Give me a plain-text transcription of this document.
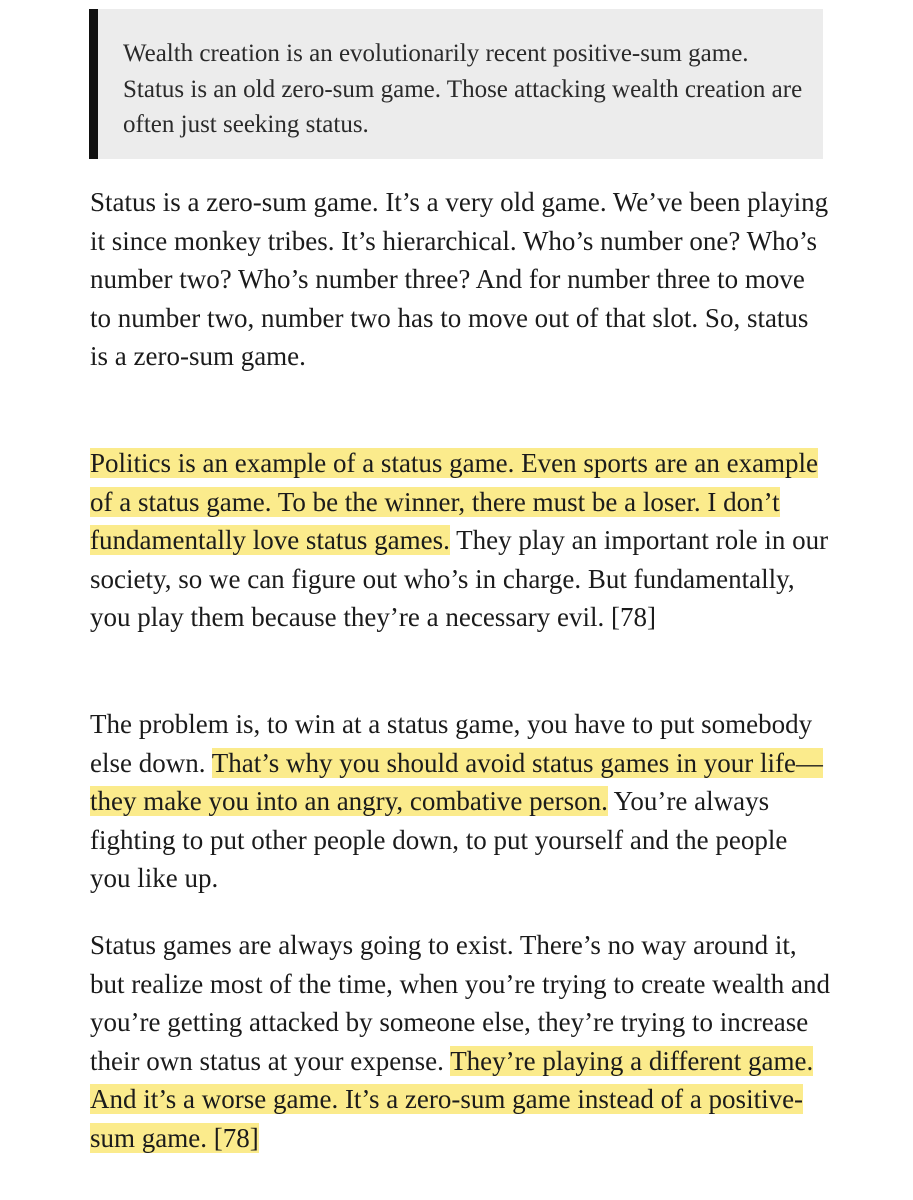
Wealth creation is an evolutionarily recent positive-sum game. Status is an old zero-sum game. Those attacking wealth creation are often just seeking status.

Status is a zero-sum game. It’s a very old game. We’ve been playing it since monkey tribes. It’s hierarchical. Who’s number one? Who’s number two? Who’s number three? And for number three to move to number two, number two has to move out of that slot. So, status is a zero-sum game.

Politics is an example of a status game. Even sports are an example of a status game. To be the winner, there must be a loser. I don’t fundamentally love status games. They play an important role in our society, so we can figure out who’s in charge. But fundamentally, you play them because they’re a necessary evil. [78]

The problem is, to win at a status game, you have to put somebody else down. That’s why you should avoid status games in your life—they make you into an angry, combative person. You’re always fighting to put other people down, to put yourself and the people you like up.

Status games are always going to exist. There’s no way around it, but realize most of the time, when you’re trying to create wealth and you’re getting attacked by someone else, they’re trying to increase their own status at your expense. They’re playing a different game. And it’s a worse game. It’s a zero-sum game instead of a positive-sum game. [78]
